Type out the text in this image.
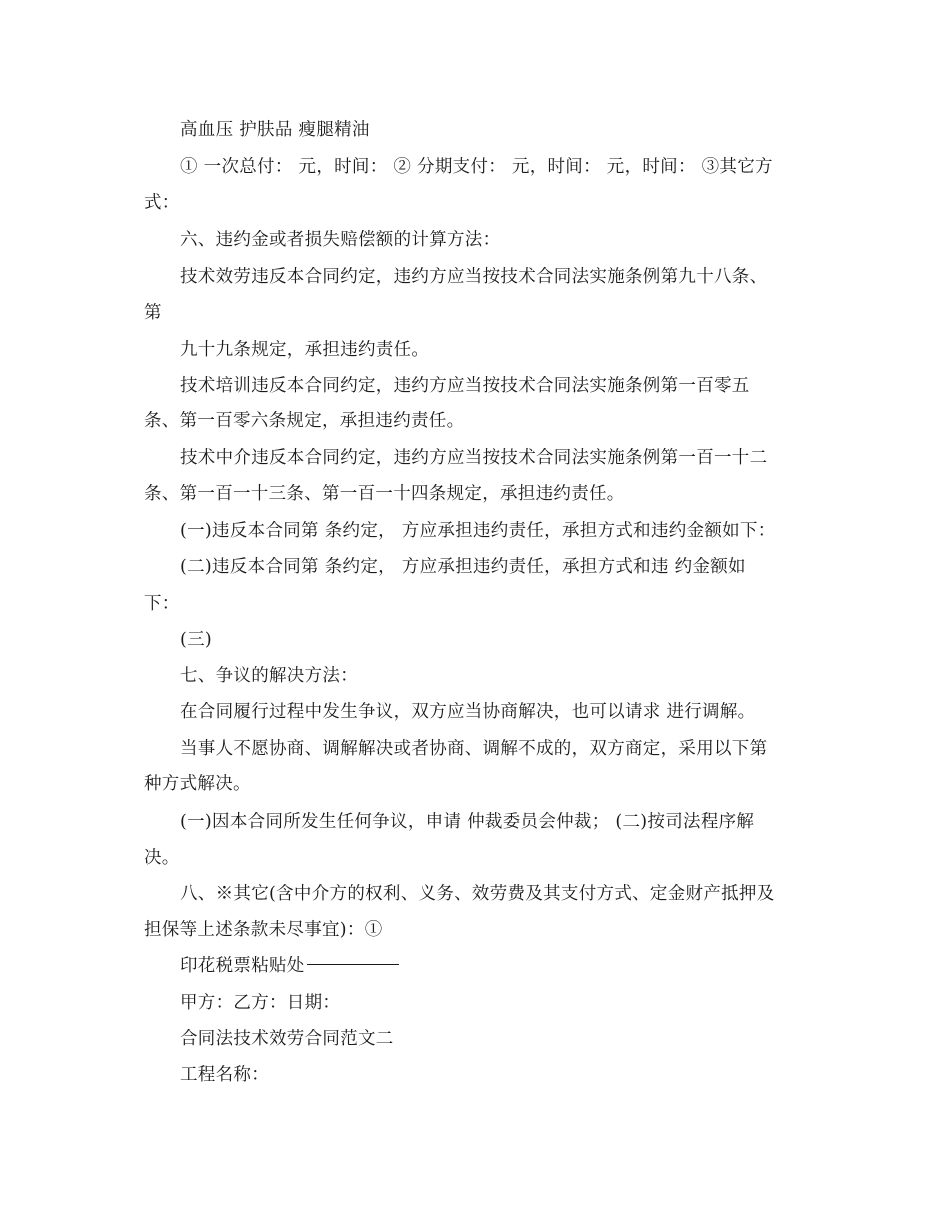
高血压 护肤品 瘦腿精油
① 一次总付： 元，时间： ② 分期支付： 元，时间： 元，时间： ③其它方
式：
六、违约金或者损失赔偿额的计算方法：
技术效劳违反本合同约定，违约方应当按技术合同法实施条例第九十八条、
第
九十九条规定，承担违约责任。
技术培训违反本合同约定，违约方应当按技术合同法实施条例第一百零五
条、第一百零六条规定，承担违约责任。
技术中介违反本合同约定，违约方应当按技术合同法实施条例第一百一十二
条、第一百一十三条、第一百一十四条规定，承担违约责任。
(一)违反本合同第 条约定， 方应承担违约责任，承担方式和违约金额如下：
(二)违反本合同第 条约定， 方应承担违约责任，承担方式和违 约金额如
下：
(三)
七、争议的解决方法：
在合同履行过程中发生争议，双方应当协商解决，也可以请求 进行调解。
当事人不愿协商、调解解决或者协商、调解不成的，双方商定，采用以下第
种方式解决。
(一)因本合同所发生任何争议，申请 仲裁委员会仲裁； (二)按司法程序解
决。
八、※其它(含中介方的权利、义务、效劳费及其支付方式、定金财产抵押及
担保等上述条款未尽事宜)：①
印花税票粘贴处
甲方：乙方：日期：
合同法技术效劳合同范文二
工程名称：
